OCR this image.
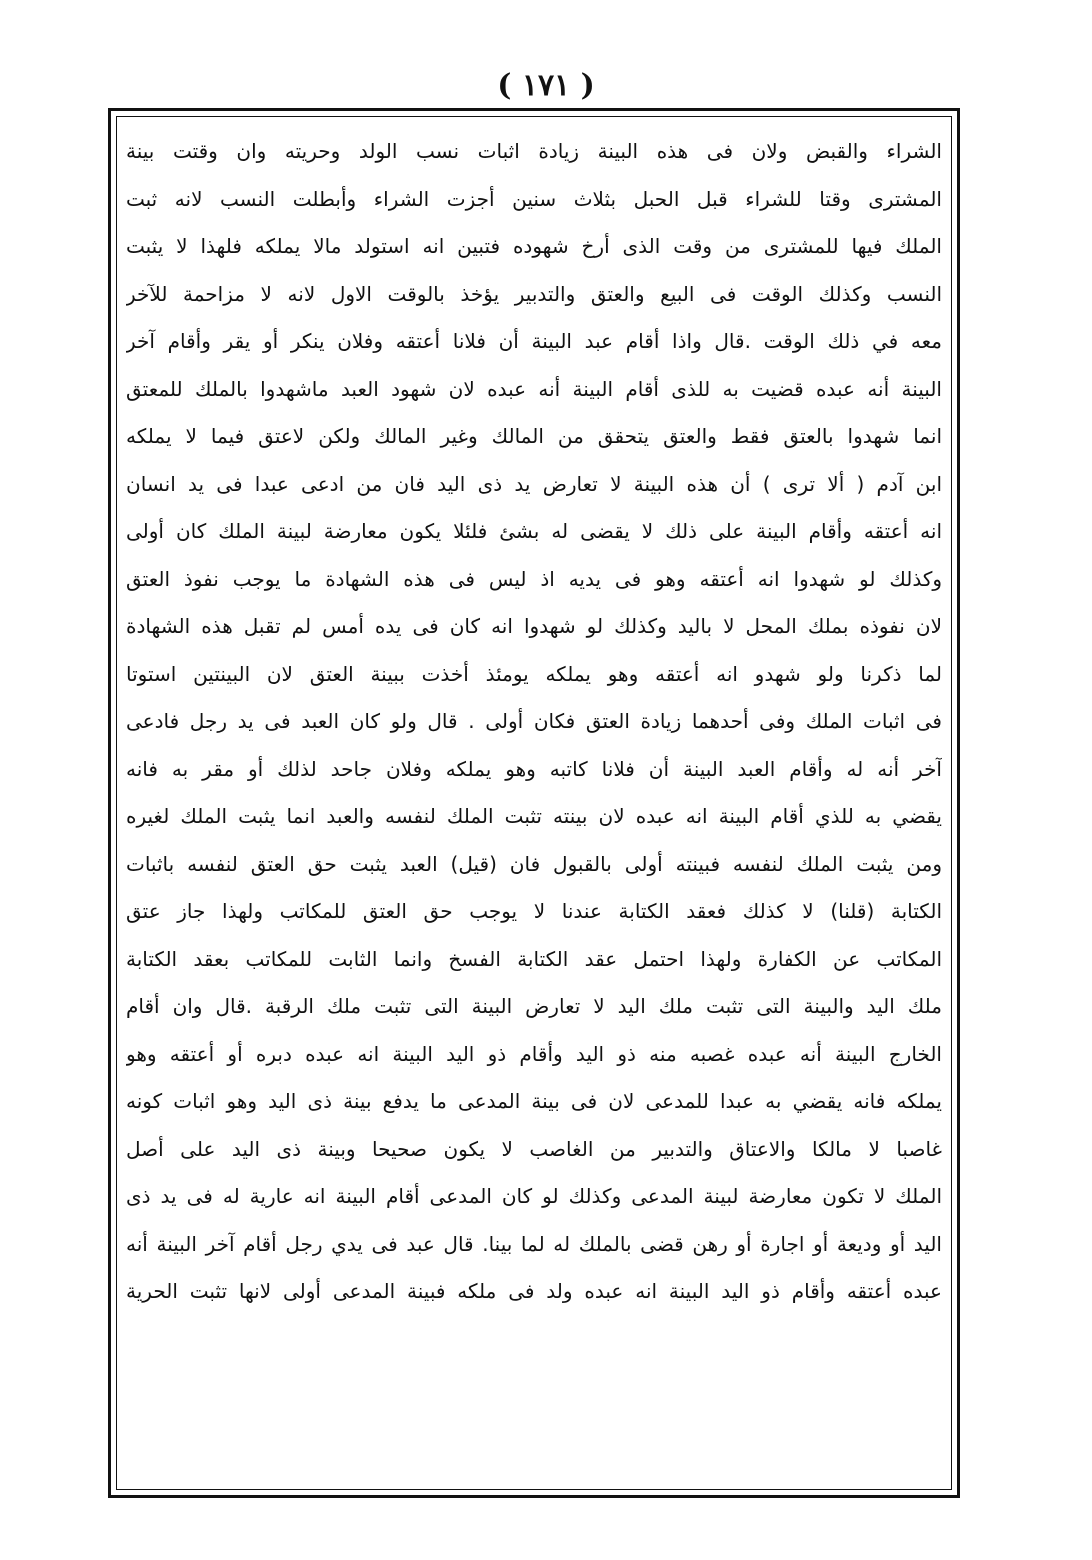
( ١٧١ )
الشراء والقبض ولان فى هذه البينة زيادة اثبات نسب الولد وحريته وان وقتت بينة
المشترى وقتا للشراء قبل الحبل بثلاث سنين أجزت الشراء وأبطلت النسب لانه ثبت
الملك فيها للمشترى من وقت الذى أرخ شهوده فتبين انه استولد مالا يملكه فلهذا لا يثبت
النسب وكذلك الوقت فى البيع والعتق والتدبير يؤخذ بالوقت الاول لانه لا مزاحمة للآخر
معه في ذلك الوقت .قال واذا أقام عبد البينة أن فلانا أعتقه وفلان ينكر أو يقر وأقام آخر
البينة أنه عبده قضيت به للذى أقام البينة أنه عبده لان شهود العبد ماشهدوا بالملك للمعتق
انما شهدوا بالعتق فقط والعتق يتحقق من المالك وغير المالك ولكن لاعتق فيما لا يملكه
ابن آدم ( ألا ترى ) أن هذه البينة لا تعارض يد ذى اليد فان من ادعى عبدا فى يد انسان
انه أعتقه وأقام البينة على ذلك لا يقضى له بشئ فلئلا يكون معارضة لبينة الملك كان أولى
وكذلك لو شهدوا انه أعتقه وهو فى يديه اذ ليس فى هذه الشهادة ما يوجب نفوذ العتق
لان نفوذه بملك المحل لا باليد وكذلك لو شهدوا انه كان فى يده أمس لم تقبل هذه الشهادة
لما ذكرنا ولو شهدو انه أعتقه وهو يملكه يومئذ أخذت ببينة العتق لان البينتين استوتا
فى اثبات الملك وفى أحدهما زيادة العتق فكان أولى . قال ولو كان العبد فى يد رجل فادعى
آخر أنه له وأقام العبد البينة أن فلانا كاتبه وهو يملكه وفلان جاحد لذلك أو مقر به فانه
يقضي به للذي أقام البينة انه عبده لان بينته تثبت الملك لنفسه والعبد انما يثبت الملك لغيره
ومن يثبت الملك لنفسه فبينته أولى بالقبول فان (قيل) العبد يثبت حق العتق لنفسه باثبات
الكتابة (قلنا) لا كذلك فعقد الكتابة عندنا لا يوجب حق العتق للمكاتب ولهذا جاز عتق
المكاتب عن الكفارة ولهذا احتمل عقد الكتابة الفسخ وانما الثابت للمكاتب بعقد الكتابة
ملك اليد والبينة التى تثبت ملك اليد لا تعارض البينة التى تثبت ملك الرقبة .قال وان أقام
الخارج البينة أنه عبده غصبه منه ذو اليد وأقام ذو اليد البينة انه عبده دبره أو أعتقه وهو
يملكه فانه يقضي به عبدا للمدعى لان فى بينة المدعى ما يدفع بينة ذى اليد وهو اثبات كونه
غاصبا لا مالكا والاعتاق والتدبير من الغاصب لا يكون صحيحا وبينة ذى اليد على أصل
الملك لا تكون معارضة لبينة المدعى وكذلك لو كان المدعى أقام البينة انه عارية له فى يد ذى
اليد أو وديعة أو اجارة أو رهن قضى بالملك له لما بينا. قال عبد فى يدي رجل أقام آخر البينة أنه
عبده أعتقه وأقام ذو اليد البينة انه عبده ولد فى ملكه فبينة المدعى أولى لانها تثبت الحرية
